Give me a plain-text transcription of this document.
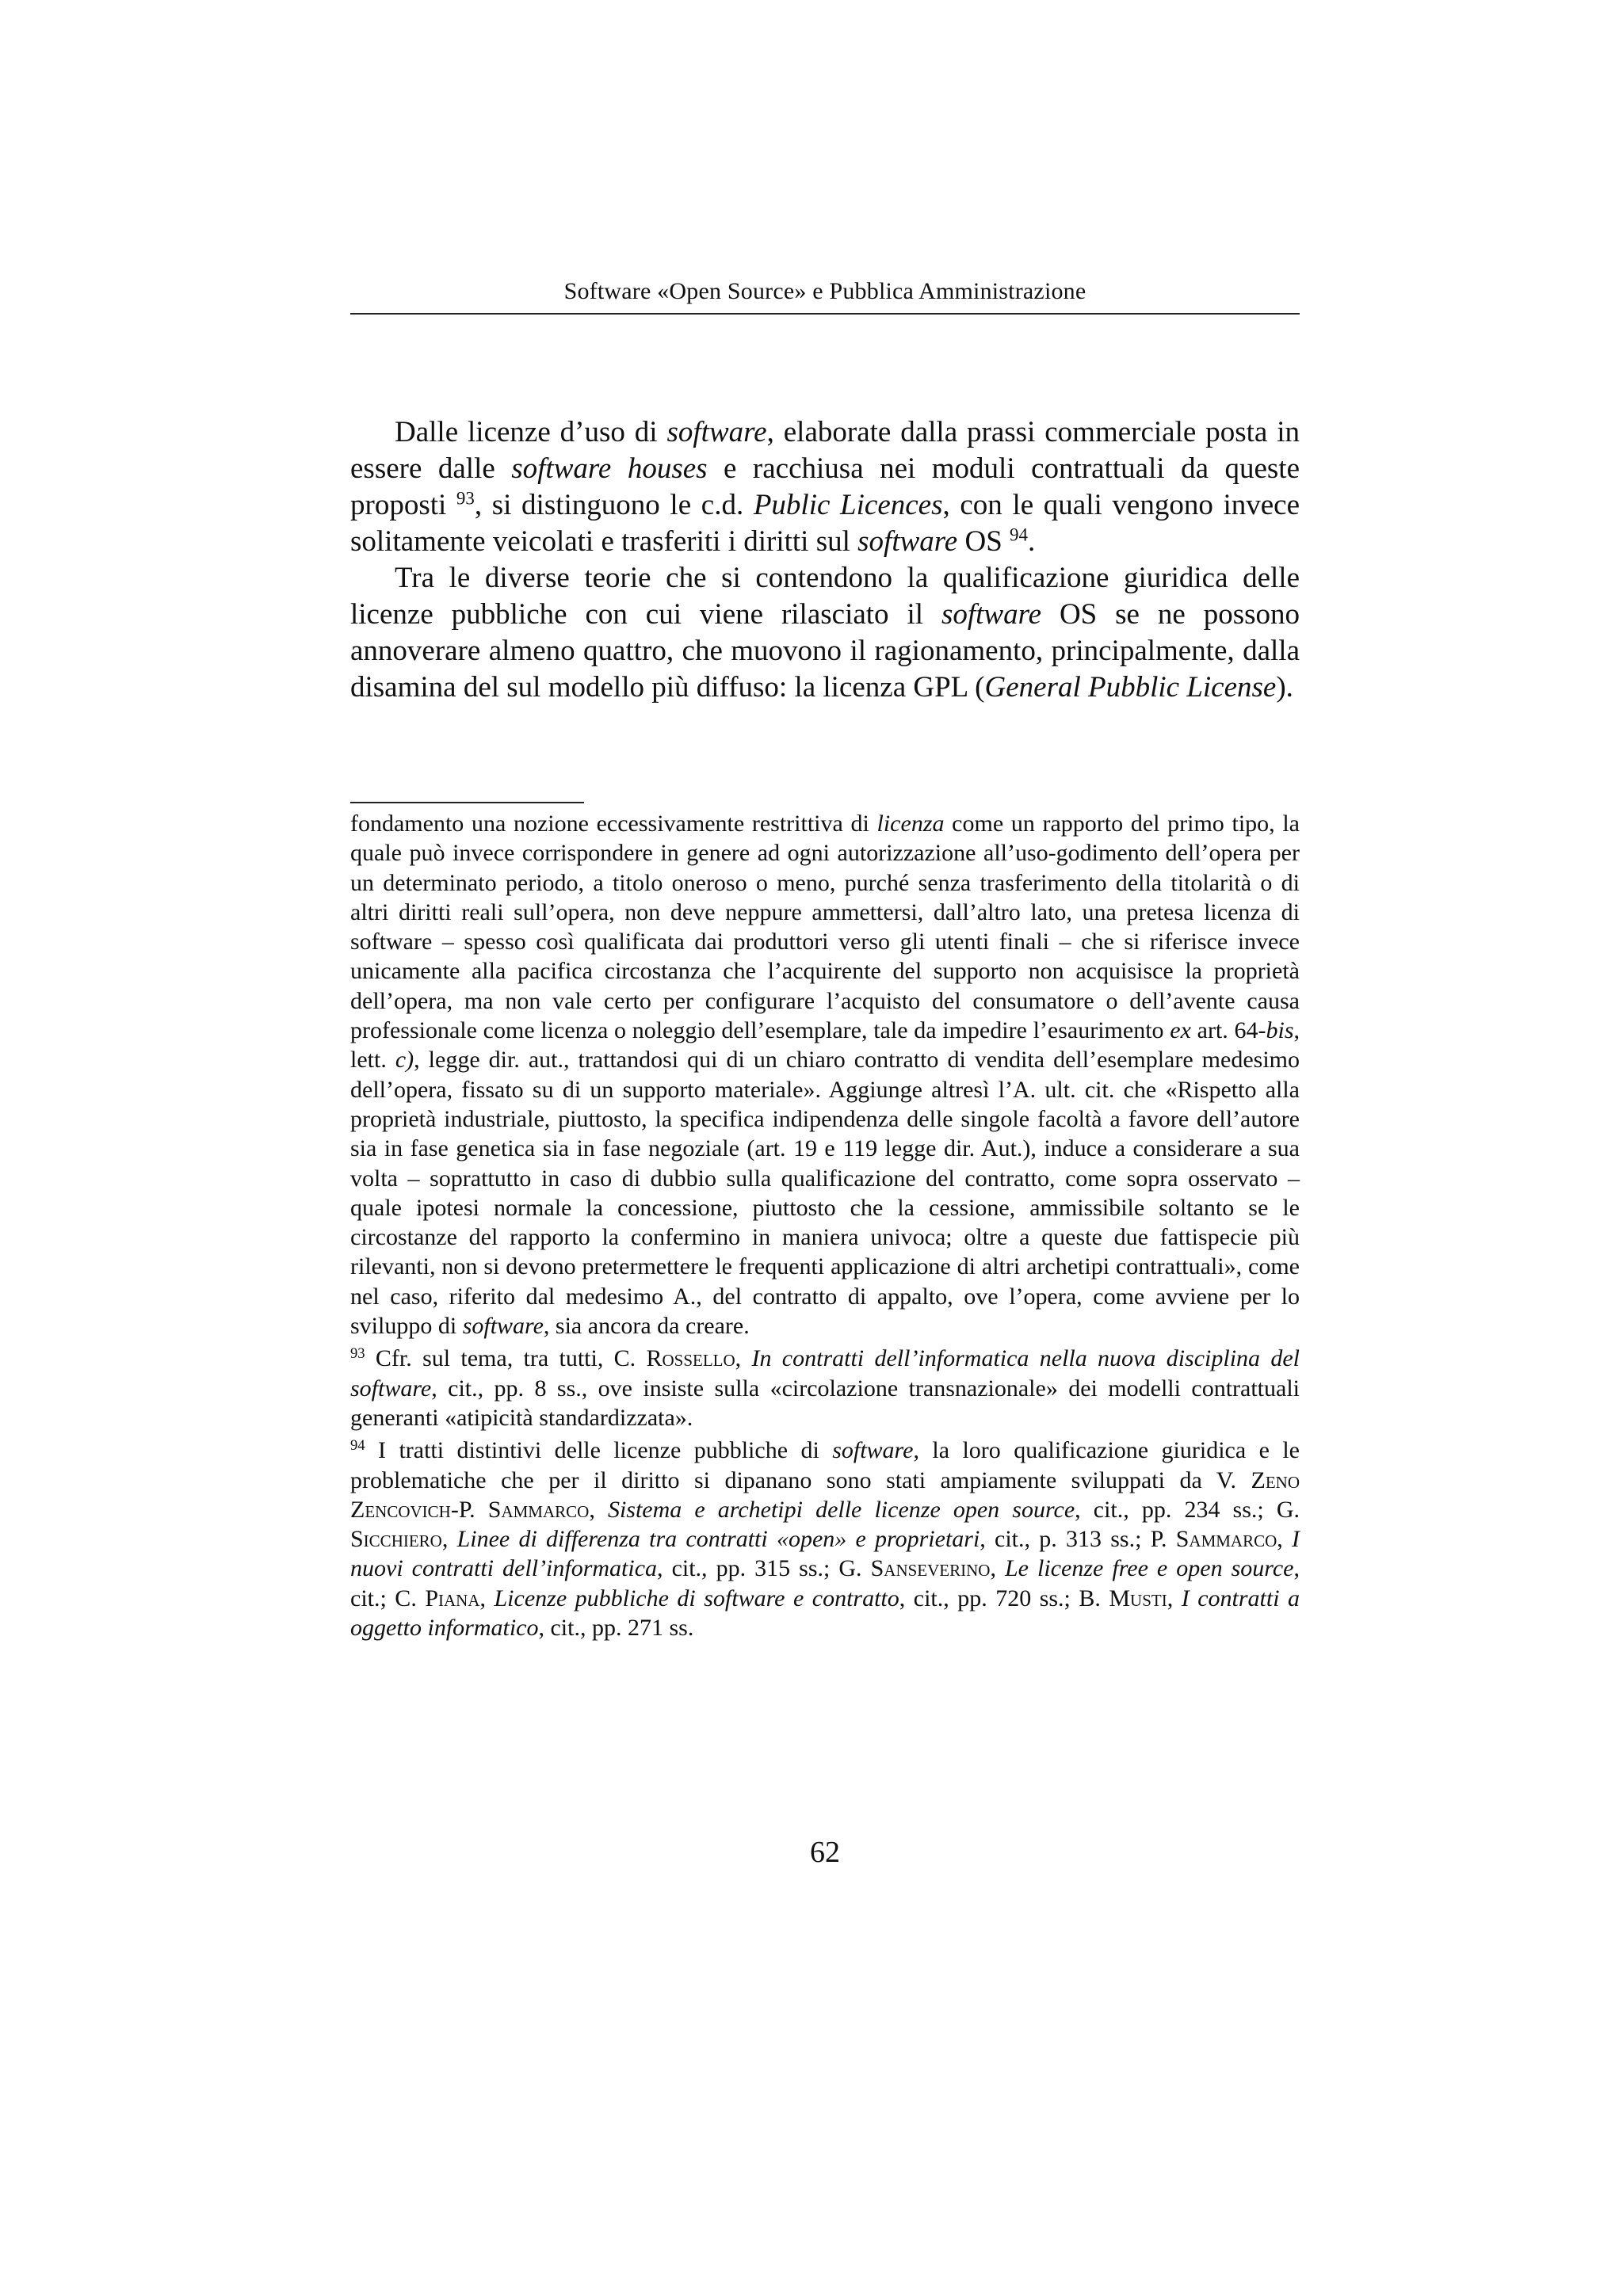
Software «Open Source» e Pubblica Amministrazione

Dalle licenze d’uso di software, elaborate dalla prassi commerciale posta in essere dalle software houses e racchiusa nei moduli contrattuali da queste proposti $^{93}$, si distinguono le c.d. Public Licences, con le quali vengono invece solitamente veicolati e trasferiti i diritti sul software OS $^{94}$.

Tra le diverse teorie che si contendono la qualificazione giuridica delle licenze pubbliche con cui viene rilasciato il software OS se ne possono annoverare almeno quattro, che muovono il ragionamento, principalmente, dalla disamina del sul modello più diffuso: la licenza GPL (General Pubblic License).

fondamento una nozione eccessivamente restrittiva di licenza come un rapporto del primo tipo, la quale può invece corrispondere in genere ad ogni autorizzazione all’uso-godimento dell’opera per un determinato periodo, a titolo oneroso o meno, purché senza trasferimento della titolarità o di altri diritti reali sull’opera, non deve neppure ammettersi, dall’altro lato, una pretesa licenza di software – spesso così qualificata dai produttori verso gli utenti finali – che si riferisce invece unicamente alla pacifica circostanza che l’acquirente del supporto non acquisisce la proprietà dell’opera, ma non vale certo per configurare l’acquisto del consumatore o dell’avente causa professionale come licenza o noleggio dell’esemplare, tale da impedire l’esaurimento ex art. 64-bis, lett. c), legge dir. aut., trattandosi qui di un chiaro contratto di vendita dell’esemplare medesimo dell’opera, fissato su di un supporto materiale». Aggiunge altresì l’A. ult. cit. che «Rispetto alla proprietà industriale, piuttosto, la specifica indipendenza delle singole facoltà a favore dell’autore sia in fase genetica sia in fase negoziale (art. 19 e 119 legge dir. Aut.), induce a considerare a sua volta – soprattutto in caso di dubbio sulla qualificazione del contratto, come sopra osservato – quale ipotesi normale la concessione, piuttosto che la cessione, ammissibile soltanto se le circostanze del rapporto la confermino in maniera univoca; oltre a queste due fattispecie più rilevanti, non si devono pretermettere le frequenti applicazione di altri archetipi contrattuali», come nel caso, riferito dal medesimo A., del contratto di appalto, ove l’opera, come avviene per lo sviluppo di software, sia ancora da creare.

$^{93}$ Cfr. sul tema, tra tutti, C. Rossello, In contratti dell’informatica nella nuova disciplina del software, cit., pp. 8 ss., ove insiste sulla «circolazione transnazionale» dei modelli contrattuali generanti «atipicità standardizzata».

$^{94}$ I tratti distintivi delle licenze pubbliche di software, la loro qualificazione giuridica e le problematiche che per il diritto si dipanano sono stati ampiamente sviluppati da V. Zeno Zencovich-P. Sammarco, Sistema e archetipi delle licenze open source, cit., pp. 234 ss.; G. Sicchiero, Linee di differenza tra contratti «open» e proprietari, cit., p. 313 ss.; P. Sammarco, I nuovi contratti dell’informatica, cit., pp. 315 ss.; G. Sanseverino, Le licenze free e open source, cit.; C. Piana, Licenze pubbliche di software e contratto, cit., pp. 720 ss.; B. Musti, I contratti a oggetto informatico, cit., pp. 271 ss.

62
